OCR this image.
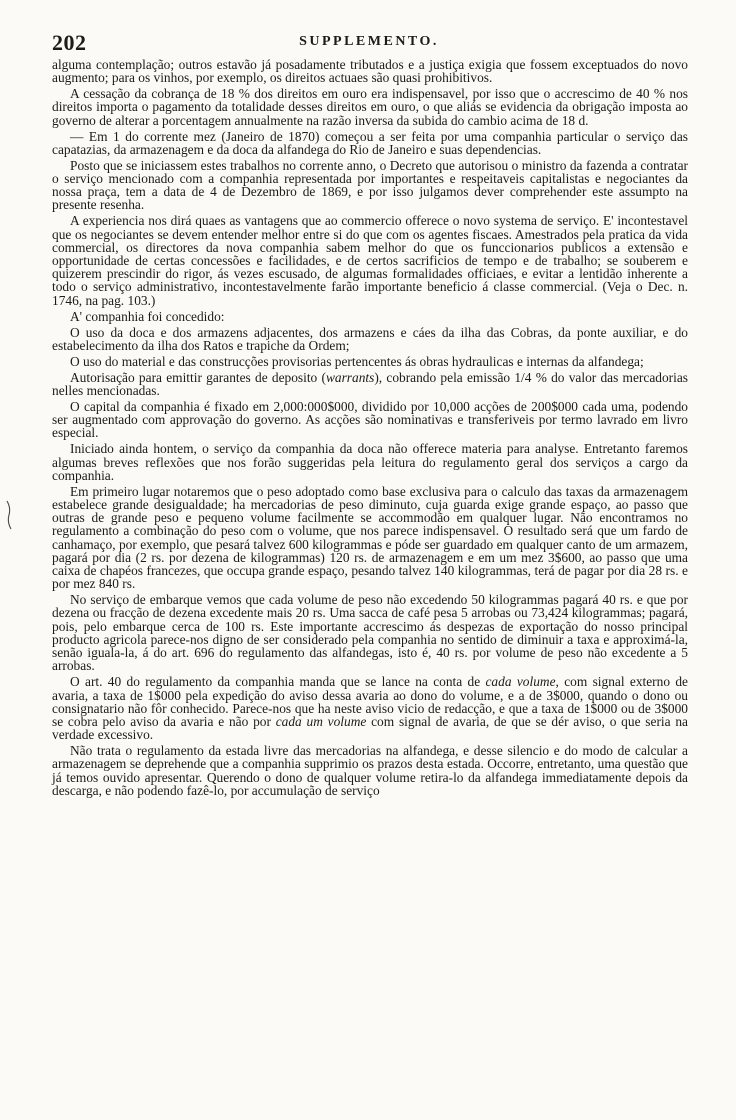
202	SUPPLEMENTO.

alguma contemplação; outros estavão já posadamente tributados e a justiça exigia que fossem exceptuados do novo augmento; para os vinhos, por exemplo, os direitos actuaes são quasi prohibitivos.

A cessação da cobrança de 18 % dos direitos em ouro era indispensavel, por isso que o accrescimo de 40 % nos direitos importa o pagamento da totalidade desses direitos em ouro, o que aliás se evidencia da obrigação imposta ao governo de alterar a porcentagem annualmente na razão inversa da subida do cambio acima de 18 d.

— Em 1 do corrente mez (Janeiro de 1870) começou a ser feita por uma companhia particular o serviço das capatazias, da armazenagem e da doca da alfandega do Rio de Janeiro e suas dependencias.

Posto que se iniciassem estes trabalhos no corrente anno, o Decreto que autorisou o ministro da fazenda a contratar o serviço mencionado com a companhia representada por importantes e respeitaveis capitalistas e negociantes da nossa praça, tem a data de 4 de Dezembro de 1869, e por isso julgamos dever comprehender este assumpto na presente resenha.

A experiencia nos dirá quaes as vantagens que ao commercio offerece o novo systema de serviço. E' incontestavel que os negociantes se devem entender melhor entre si do que com os agentes fiscaes. Amestrados pela pratica da vida commercial, os directores da nova companhia sabem melhor do que os funccionarios publicos a extensão e opportunidade de certas concessões e facilidades, e de certos sacrificios de tempo e de trabalho; se souberem e quizerem prescindir do rigor, ás vezes escusado, de algumas formalidades officiaes, e evitar a lentidão inherente a todo o serviço administrativo, incontestavelmente farão importante beneficio á classe commercial. (Veja o Dec. n. 1746, na pag. 103.)

A' companhia foi concedido:

O uso da doca e dos armazens adjacentes, dos armazens e cáes da ilha das Cobras, da ponte auxiliar, e do estabelecimento da ilha dos Ratos e trapiche da Ordem;

O uso do material e das construcções provisorias pertencentes ás obras hydraulicas e internas da alfandega;

Autorisação para emittir garantes de deposito (warrants), cobrando pela emissão 1/4 % do valor das mercadorias nelles mencionadas.

O capital da companhia é fixado em 2,000:000$000, dividido por 10,000 acções de 200$000 cada uma, podendo ser augmentado com approvação do governo. As acções são nominativas e transferiveis por termo lavrado em livro especial.

Iniciado ainda hontem, o serviço da companhia da doca não offerece materia para analyse. Entretanto faremos algumas breves reflexões que nos forão suggeridas pela leitura do regulamento geral dos serviços a cargo da companhia.

Em primeiro lugar notaremos que o peso adoptado como base exclusiva para o calculo das taxas da armazenagem estabelece grande desigualdade; ha mercadorias de peso diminuto, cuja guarda exige grande espaço, ao passo que outras de grande peso e pequeno volume facilmente se accommodão em qualquer lugar. Não encontramos no regulamento a combinação do peso com o volume, que nos parece indispensavel. O resultado será que um fardo de canhamaço, por exemplo, que pesará talvez 600 kilogrammas e póde ser guardado em qualquer canto de um armazem, pagará por dia (2 rs. por dezena de kilogrammas) 120 rs. de armazenagem e em um mez 3$600, ao passo que uma caixa de chapéos francezes, que occupa grande espaço, pesando talvez 140 kilogrammas, terá de pagar por dia 28 rs. e por mez 840 rs.

No serviço de embarque vemos que cada volume de peso não excedendo 50 kilogrammas pagará 40 rs. e que por dezena ou fracção de dezena excedente mais 20 rs. Uma sacca de café pesa 5 arrobas ou 73,424 kilogrammas; pagará, pois, pelo embarque cerca de 100 rs. Este importante accrescimo ás despezas de exportação do nosso principal producto agricola parece-nos digno de ser considerado pela companhia no sentido de diminuir a taxa e approximá-la, senão iguala-la, á do art. 696 do regulamento das alfandegas, isto é, 40 rs. por volume de peso não excedente a 5 arrobas.

O art. 40 do regulamento da companhia manda que se lance na conta de cada volume, com signal externo de avaria, a taxa de 1$000 pela expedição do aviso dessa avaria ao dono do volume, e a de 3$000, quando o dono ou consignatario não fôr conhecido. Parece-nos que ha neste aviso vicio de redacção, e que a taxa de 1$000 ou de 3$000 se cobra pelo aviso da avaria e não por cada um volume com signal de avaria, de que se dér aviso, o que seria na verdade excessivo.

Não trata o regulamento da estada livre das mercadorias na alfandega, e desse silencio e do modo de calcular a armazenagem se deprehende que a companhia supprimio os prazos desta estada. Occorre, entretanto, uma questão que já temos ouvido apresentar. Querendo o dono de qualquer volume retira-lo da alfandega immediatamente depois da descarga, e não podendo fazê-lo, por accumulação de serviço
